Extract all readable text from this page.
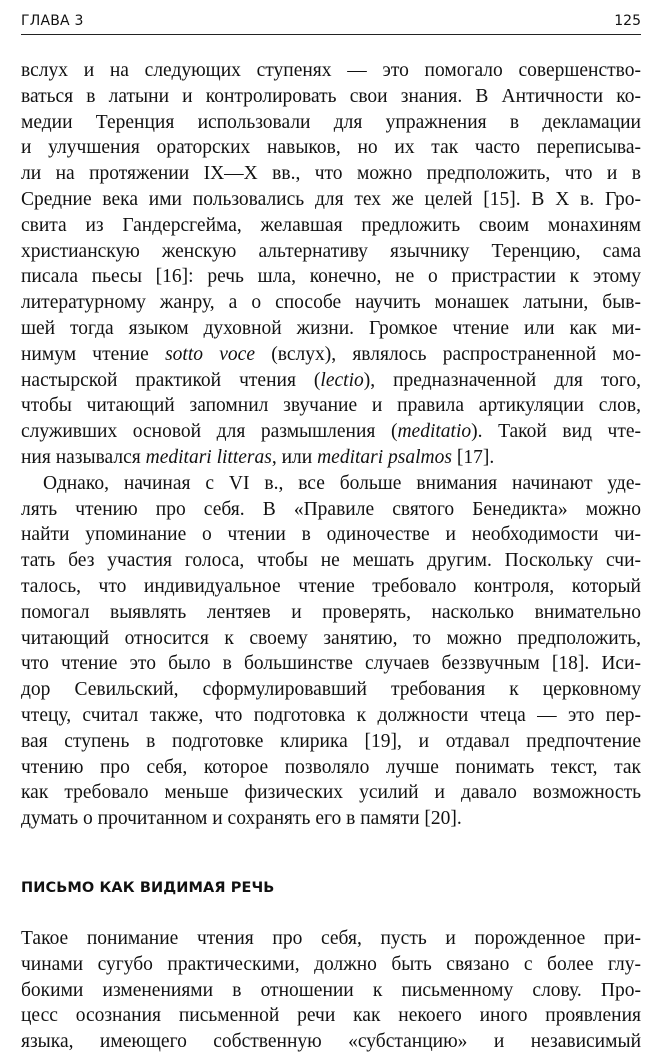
ГЛАВА 3	125
вслух и на следующих ступенях — это помогало совершенство-
ваться в латыни и контролировать свои знания. В Античности ко-
медии Теренция использовали для упражнения в декламации
и улучшения ораторских навыков, но их так часто переписыва-
ли на протяжении IX—X вв., что можно предположить, что и в
Средние века ими пользовались для тех же целей [15]. В X в. Гро-
свита из Гандерсгейма, желавшая предложить своим монахиням
христианскую женскую альтернативу язычнику Теренцию, сама
писала пьесы [16]: речь шла, конечно, не о пристрастии к этому
литературному жанру, а о способе научить монашек латыни, быв-
шей тогда языком духовной жизни. Громкое чтение или как ми-
нимум чтение sotto voce (вслух), являлось распространенной мо-
настырской практикой чтения (lectio), предназначенной для того,
чтобы читающий запомнил звучание и правила артикуляции слов,
служивших основой для размышления (meditatio). Такой вид чте-
ния назывался meditari litteras, или meditari psalmos [17].
Однако, начиная с VI в., все больше внимания начинают уде-
лять чтению про себя. В «Правиле святого Бенедикта» можно
найти упоминание о чтении в одиночестве и необходимости чи-
тать без участия голоса, чтобы не мешать другим. Поскольку счи-
талось, что индивидуальное чтение требовало контроля, который
помогал выявлять лентяев и проверять, насколько внимательно
читающий относится к своему занятию, то можно предположить,
что чтение это было в большинстве случаев беззвучным [18]. Иси-
дор Севильский, сформулировавший требования к церковному
чтецу, считал также, что подготовка к должности чтеца — это пер-
вая ступень в подготовке клирика [19], и отдавал предпочтение
чтению про себя, которое позволяло лучше понимать текст, так
как требовало меньше физических усилий и давало возможность
думать о прочитанном и сохранять его в памяти [20].
ПИСЬМО КАК ВИДИМАЯ РЕЧЬ
Такое понимание чтения про себя, пусть и порожденное при-
чинами сугубо практическими, должно быть связано с более глу-
бокими изменениями в отношении к письменному слову. Про-
цесс осознания письменной речи как некоего иного проявления
языка, имеющего собственную «субстанцию» и независимый
